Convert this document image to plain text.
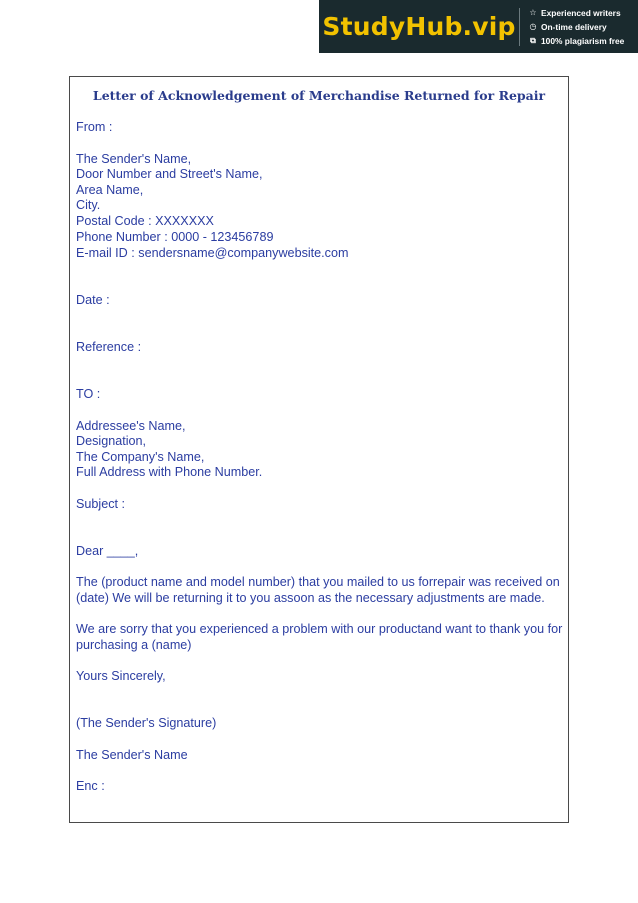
StudyHub.vip	☆ Experienced writers
◷ On-time delivery
⧉ 100% plagiarism free
Letter of Acknowledgement of Merchandise Returned for Repair
From :
The Sender's Name,
Door Number and Street's Name,
Area Name,
City.
Postal Code : XXXXXXX
Phone Number : 0000 - 123456789
E-mail ID : sendersname@companywebsite.com
Date :
Reference :
TO :
Addressee's Name,
Designation,
The Company's Name,
Full Address with Phone Number.
Subject :
Dear ____,
The (product name and model number) that you mailed to us forrepair was received on
(date) We will be returning it to you assoon as the necessary adjustments are made.
We are sorry that you experienced a problem with our productand want to thank you for
purchasing a (name)
Yours Sincerely,
(The Sender's Signature)
The Sender's Name
Enc :
